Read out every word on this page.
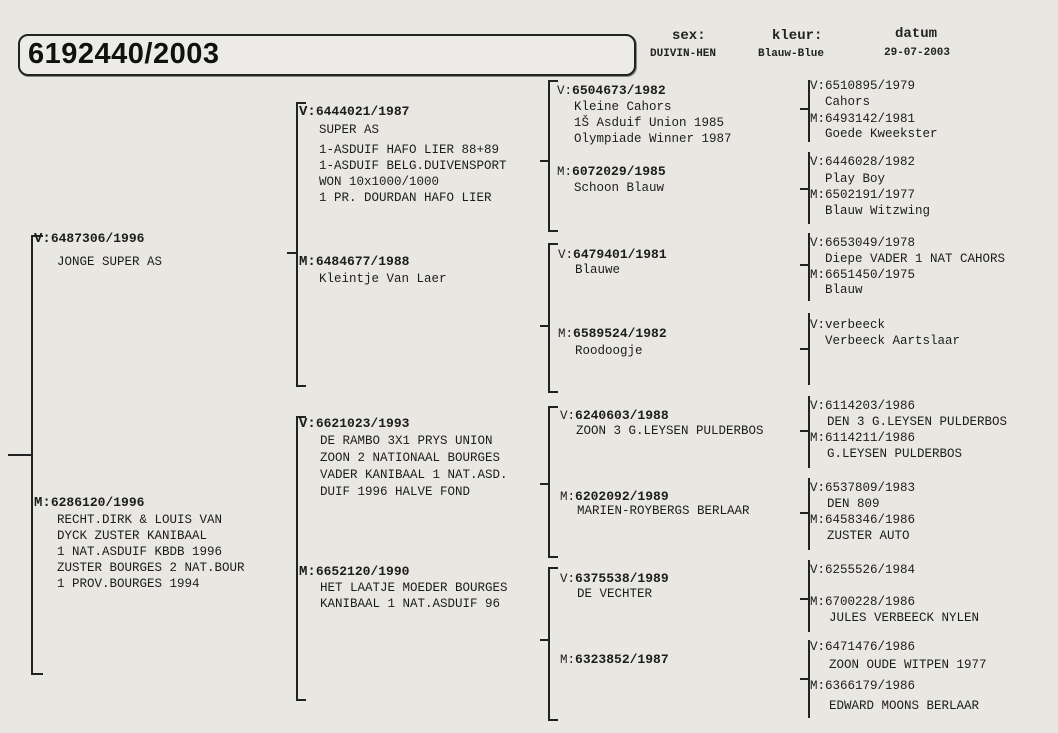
6192440/2003
sex:
DUIVIN-HEN
kleur:
Blauw-Blue
datum
29-07-2003
V:6487306/1996
JONGE SUPER AS
M:6286120/1996
RECHT.DIRK & LOUIS VAN
DYCK ZUSTER KANIBAAL
1 NAT.ASDUIF KBDB 1996
ZUSTER BOURGES 2 NAT.BOUR
1 PROV.BOURGES 1994
V:6444021/1987
SUPER AS
1-ASDUIF HAFO LIER 88+89
1-ASDUIF BELG.DUIVENSPORT
WON 10x1000/1000
1 PR. DOURDAN HAFO LIER
M:6484677/1988
Kleintje Van Laer
V:6621023/1993
DE RAMBO 3X1 PRYS UNION
ZOON 2 NATIONAAL BOURGES
VADER KANIBAAL 1 NAT.ASD.
DUIF 1996 HALVE FOND
M:6652120/1990
HET LAATJE MOEDER BOURGES
KANIBAAL 1 NAT.ASDUIF 96
V:6504673/1982
Kleine Cahors
1Š Asduif Union 1985
Olympiade Winner 1987
M:6072029/1985
Schoon Blauw
V:6479401/1981
Blauwe
M:6589524/1982
Roodoogje
V:6240603/1988
ZOON 3 G.LEYSEN PULDERBOS
M:6202092/1989
MARIEN-ROYBERGS BERLAAR
V:6375538/1989
DE VECHTER
M:6323852/1987
V:6510895/1979
Cahors
M:6493142/1981
Goede Kweekster
V:6446028/1982
Play Boy
M:6502191/1977
Blauw Witzwing
V:6653049/1978
Diepe VADER 1 NAT CAHORS
M:6651450/1975
Blauw
V:verbeeck
Verbeeck Aartslaar
V:6114203/1986
DEN 3 G.LEYSEN PULDERBOS
M:6114211/1986
G.LEYSEN PULDERBOS
V:6537809/1983
DEN 809
M:6458346/1986
ZUSTER AUTO
V:6255526/1984
M:6700228/1986
JULES VERBEECK NYLEN
V:6471476/1986
ZOON OUDE WITPEN 1977
M:6366179/1986
EDWARD MOONS BERLAAR
